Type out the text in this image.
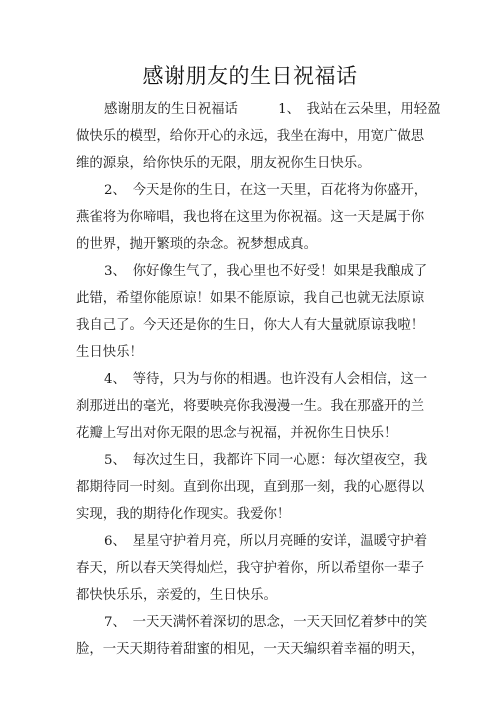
感谢朋友的生日祝福话
感谢朋友的生日祝福话　　　1、　我站在云朵里，用轻盈
做快乐的模型，给你开心的永远，我坐在海中，用宽广做思
维的源泉，给你快乐的无限，朋友祝你生日快乐。
2、　今天是你的生日，在这一天里，百花将为你盛开，
燕雀将为你啼唱，我也将在这里为你祝福。这一天是属于你
的世界，抛开繁琐的杂念。祝梦想成真。
3、　你好像生气了，我心里也不好受！如果是我酿成了
此错，希望你能原谅！如果不能原谅，我自己也就无法原谅
我自己了。今天还是你的生日，你大人有大量就原谅我啦！
生日快乐！
4、　等待，只为与你的相遇。也许没有人会相信，这一
刹那迸出的毫光，将要映亮你我漫漫一生。我在那盛开的兰
花瓣上写出对你无限的思念与祝福，并祝你生日快乐！
5、　每次过生日，我都许下同一心愿：每次望夜空，我
都期待同一时刻。直到你出现，直到那一刻，我的心愿得以
实现，我的期待化作现实。我爱你！
6、　星星守护着月亮，所以月亮睡的安详，温暖守护着
春天，所以春天笑得灿烂，我守护着你，所以希望你一辈子
都快快乐乐，亲爱的，生日快乐。
7、　一天天满怀着深切的思念，一天天回忆着梦中的笑
脸，一天天期待着甜蜜的相见，一天天编织着幸福的明天，
